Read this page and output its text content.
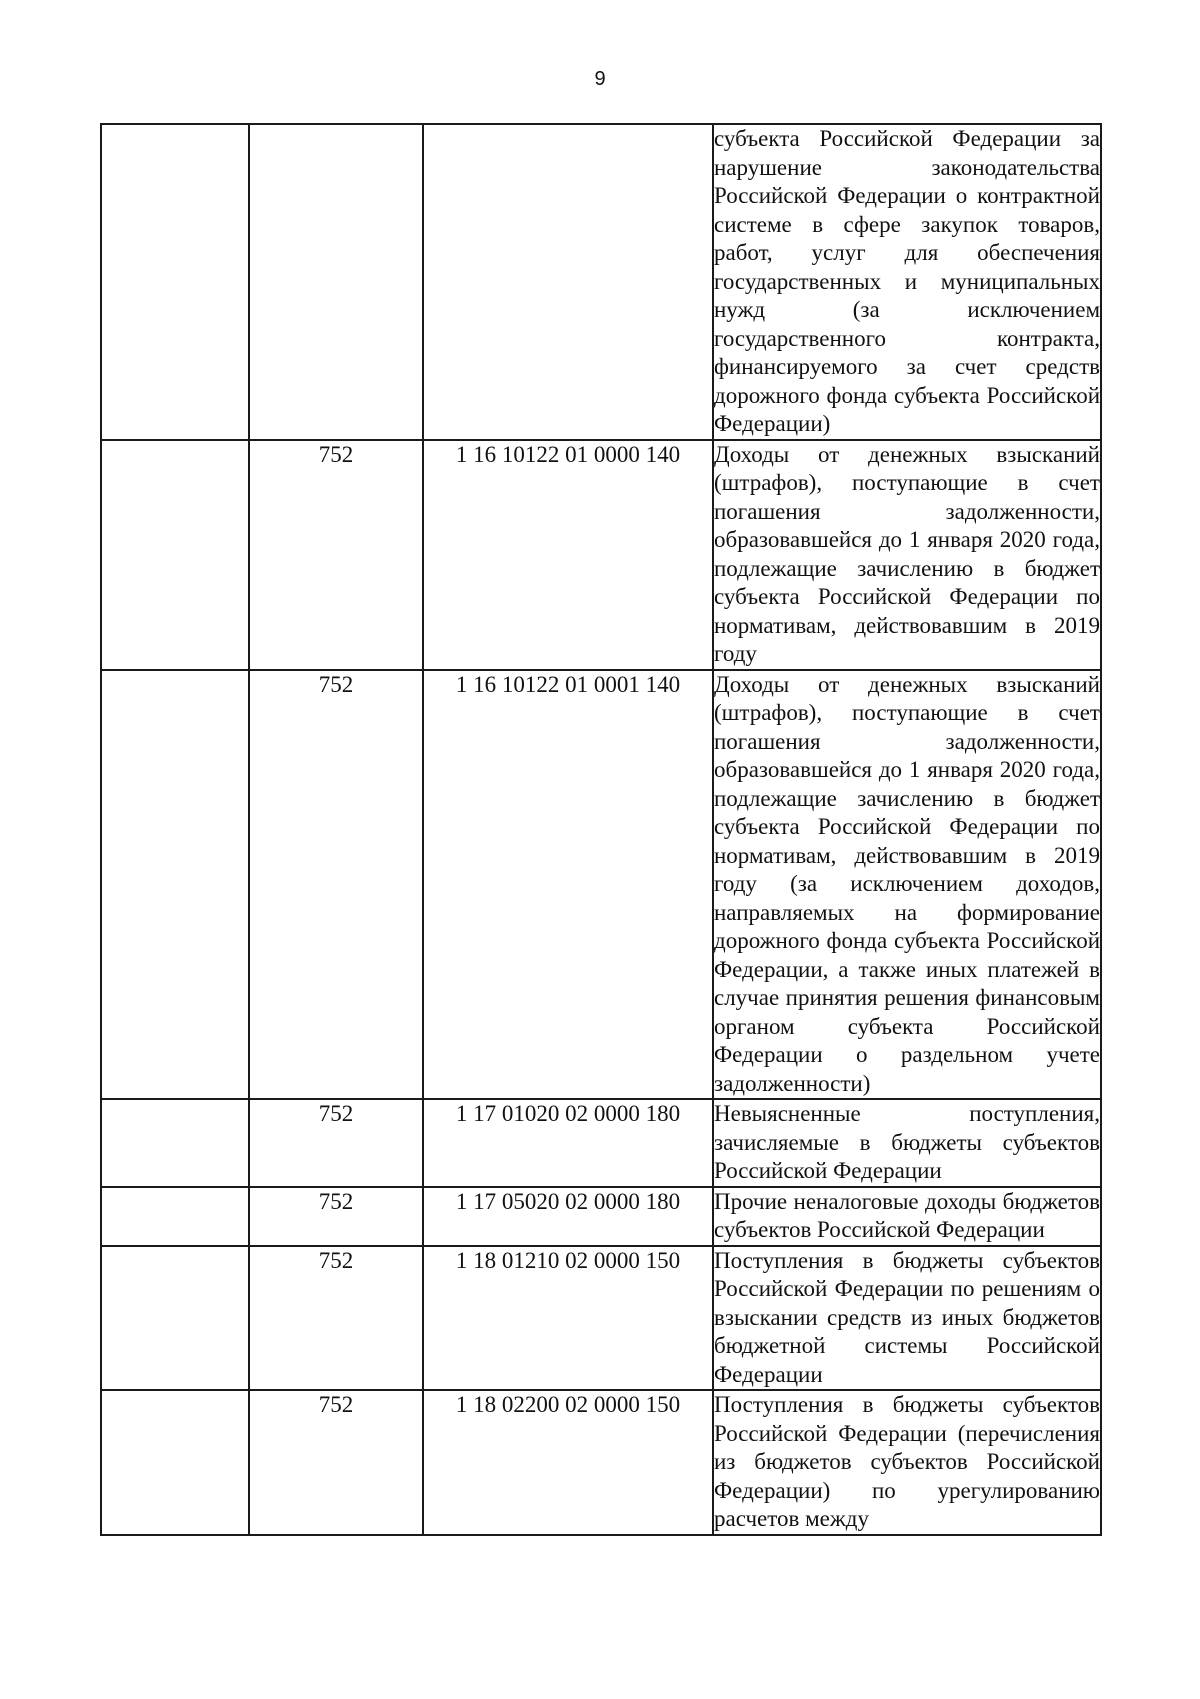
9
			субъекта Российской Федерации за нарушение законодательства Российской Федерации о контрактной системе в сфере закупок товаров, работ, услуг для обеспечения государственных и муниципальных нужд (за исключением государственного контракта, финансируемого за счет средств дорожного фонда субъекта Российской Федерации)
	752	1 16 10122 01 0000 140	Доходы от денежных взысканий (штрафов), поступающие в счет погашения задолженности, образовавшейся до 1 января 2020 года, подлежащие зачислению в бюджет субъекта Российской Федерации по нормативам, действовавшим в 2019 году
	752	1 16 10122 01 0001 140	Доходы от денежных взысканий (штрафов), поступающие в счет погашения задолженности, образовавшейся до 1 января 2020 года, подлежащие зачислению в бюджет субъекта Российской Федерации по нормативам, действовавшим в 2019 году (за исключением доходов, направляемых на формирование дорожного фонда субъекта Российской Федерации, а также иных платежей в случае принятия решения финансовым органом субъекта Российской Федерации о раздельном учете задолженности)
	752	1 17 01020 02 0000 180	Невыясненные поступления, зачисляемые в бюджеты субъектов Российской Федерации
	752	1 17 05020 02 0000 180	Прочие неналоговые доходы бюджетов субъектов Российской Федерации
	752	1 18 01210 02 0000 150	Поступления в бюджеты субъектов Российской Федерации по решениям о взыскании средств из иных бюджетов бюджетной системы Российской Федерации
	752	1 18 02200 02 0000 150	Поступления в бюджеты субъектов Российской Федерации (перечисления из бюджетов субъектов Российской Федерации) по урегулированию расчетов между
